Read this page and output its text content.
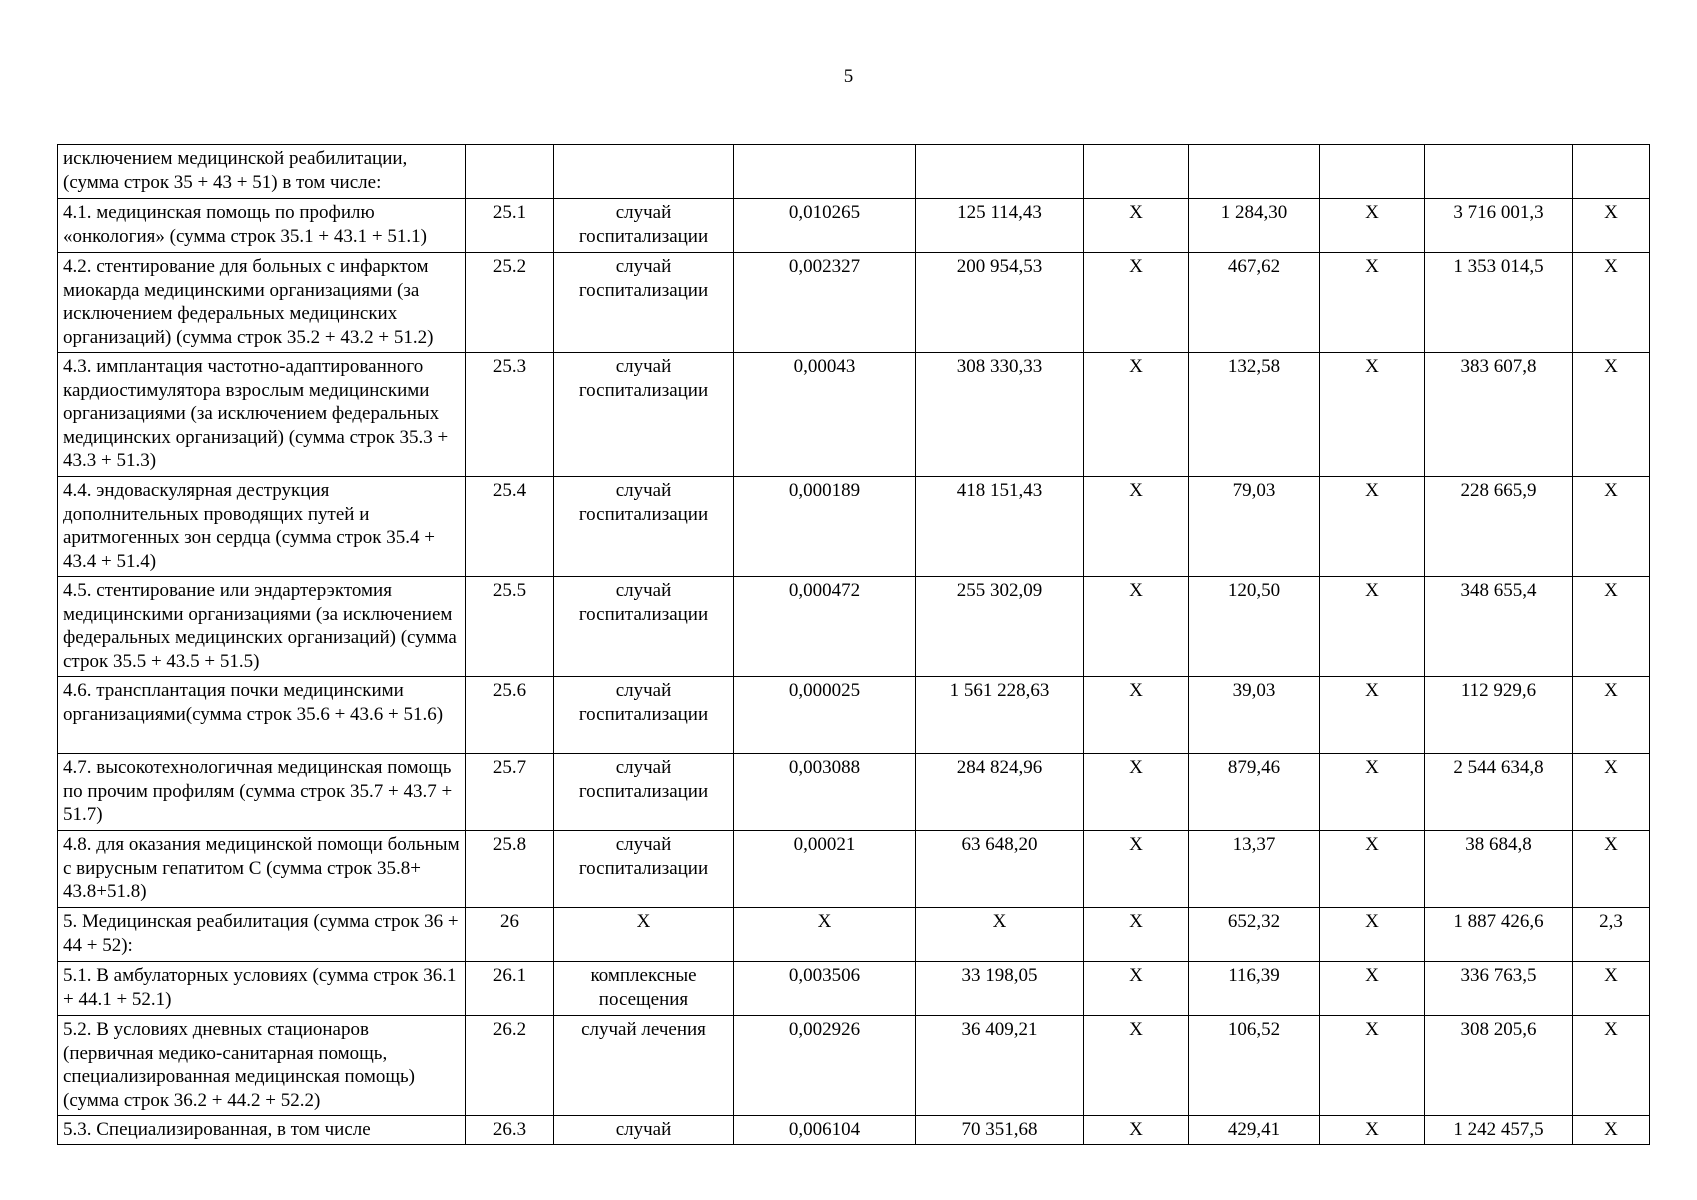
5
исключением медицинской реабилитации, (сумма строк 35 + 43 + 51) в том числе:									
4.1. медицинская помощь по профилю «онкология» (сумма строк 35.1 + 43.1 + 51.1)	25.1	случай госпитализации	0,010265	125 114,43	X	1 284,30	X	3 716 001,3	X
4.2. стентирование для больных с инфарктом миокарда медицинскими организациями (за исключением федеральных медицинских организаций) (сумма строк 35.2 + 43.2 + 51.2)	25.2	случай госпитализации	0,002327	200 954,53	X	467,62	X	1 353 014,5	X
4.3. имплантация частотно-адаптированного кардиостимулятора взрослым медицинскими организациями (за исключением федеральных медицинских организаций) (сумма строк 35.3 + 43.3 + 51.3)	25.3	случай госпитализации	0,00043	308 330,33	X	132,58	X	383 607,8	X
4.4. эндоваскулярная деструкция дополнительных проводящих путей и аритмогенных зон сердца (сумма строк 35.4 + 43.4 + 51.4)	25.4	случай госпитализации	0,000189	418 151,43	X	79,03	X	228 665,9	X
4.5. стентирование или эндартерэктомия медицинскими организациями (за исключением федеральных медицинских организаций) (сумма строк 35.5 + 43.5 + 51.5)	25.5	случай госпитализации	0,000472	255 302,09	X	120,50	X	348 655,4	X
4.6. трансплантация почки медицинскими организациями(сумма строк 35.6 + 43.6 + 51.6)	25.6	случай госпитализации	0,000025	1 561 228,63	X	39,03	X	112 929,6	X
4.7. высокотехнологичная медицинская помощь по прочим профилям (сумма строк 35.7 + 43.7 + 51.7)	25.7	случай госпитализации	0,003088	284 824,96	X	879,46	X	2 544 634,8	X
4.8. для оказания медицинской помощи больным с вирусным гепатитом С (сумма строк 35.8+ 43.8+51.8)	25.8	случай госпитализации	0,00021	63 648,20	X	13,37	X	38 684,8	X
5. Медицинская реабилитация (сумма строк 36 + 44 + 52):	26	X	X	X	X	652,32	X	1 887 426,6	2,3
5.1. В амбулаторных условиях (сумма строк 36.1 + 44.1 + 52.1)	26.1	комплексные посещения	0,003506	33 198,05	X	116,39	X	336 763,5	X
5.2. В условиях дневных стационаров (первичная медико-санитарная помощь, специализированная медицинская помощь) (сумма строк 36.2 + 44.2 + 52.2)	26.2	случай лечения	0,002926	36 409,21	X	106,52	X	308 205,6	X
5.3. Специализированная, в том числе	26.3	случай	0,006104	70 351,68	X	429,41	X	1 242 457,5	X
